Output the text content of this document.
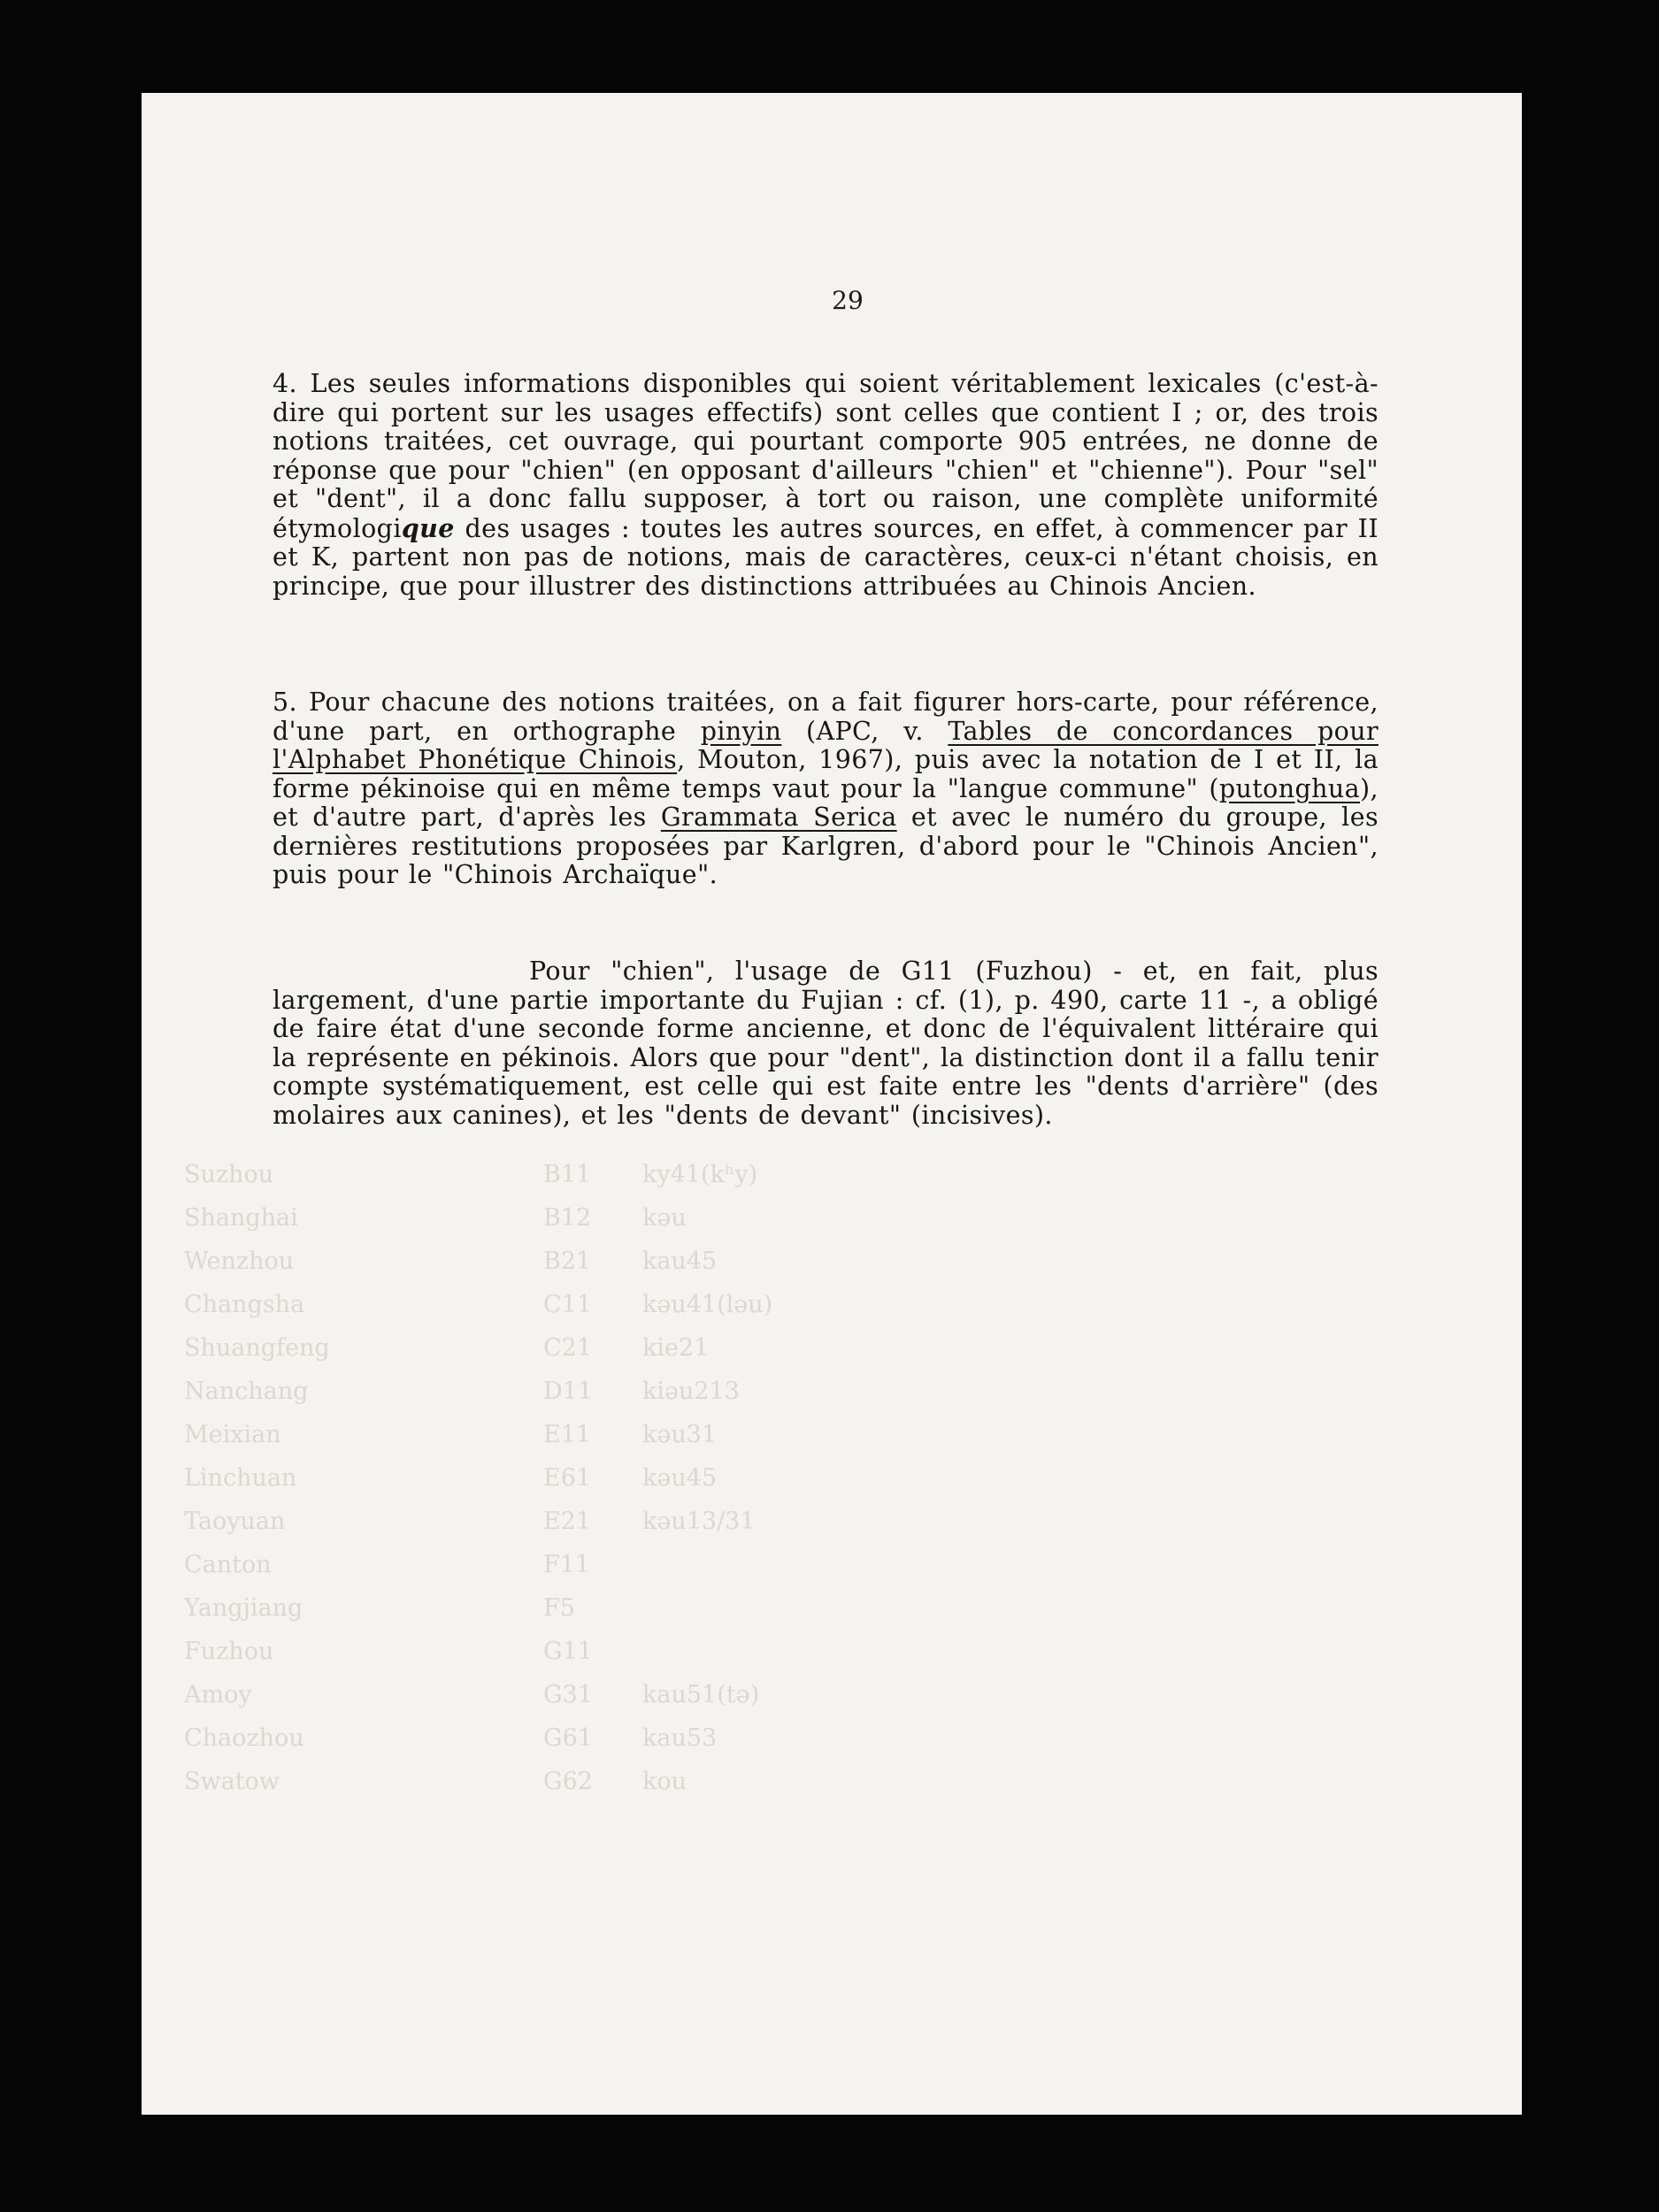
Suzhou
Shanghai
Wenzhou
Changsha
Shuangfeng
Nanchang
Meixian
Linchuan
Taoyuan
Canton
Yangjiang
Fuzhou
Amoy
Chaozhou
Swatow
B11
B12
B21
C11
C21
D11
E11
E61
E21
F11
F5
G11
G31
G61
G62
ky41(kʰy)
kəu
kau45
kəu41(ləu)
kie21
kiəu213
kəu31
kəu45
kəu13/31

kau51(tə)
kau53
kou
29
4. Les seules informations disponibles qui soient véritablement lexicales (c'est-à-dire qui portent sur les usages effectifs) sont celles que contient I ; or, des trois notions traitées, cet ouvrage, qui pourtant comporte 905 entrées, ne donne de réponse que pour "chien" (en opposant d'ailleurs "chien" et "chienne"). Pour "sel" et "dent", il a donc fallu supposer, à tort ou raison, une complète uniformité étymologique des usages : toutes les autres sources, en effet, à commencer par II et K, partent non pas de notions, mais de caractères, ceux-ci n'étant choisis, en principe, que pour illustrer des distinctions attribuées au Chinois Ancien.
5. Pour chacune des notions traitées, on a fait figurer hors-carte, pour référence, d'une part, en orthographe pinyin (APC, v. Tables de concordances pour l'Alphabet Phonétique Chinois, Mouton, 1967), puis avec la notation de I et II, la forme pékinoise qui en même temps vaut pour la "langue commune" (putonghua), et d'autre part, d'après les Grammata Serica et avec le numéro du groupe, les dernières restitutions proposées par Karlgren, d'abord pour le "Chinois Ancien", puis pour le "Chinois Archaïque".
Pour "chien", l'usage de G11 (Fuzhou) - et, en fait, plus largement, d'une partie importante du Fujian : cf. (1), p. 490, carte 11 -, a obligé de faire état d'une seconde forme ancienne, et donc de l'équivalent littéraire qui la représente en pékinois. Alors que pour "dent", la distinction dont il a fallu tenir compte systématiquement, est celle qui est faite entre les "dents d'arrière" (des molaires aux canines), et les "dents de devant" (incisives).
